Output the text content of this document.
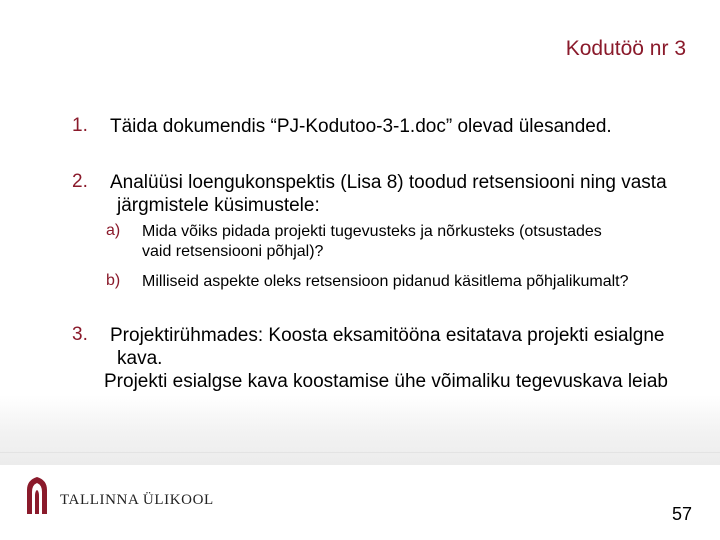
Kodutöö nr 3
1. Täida dokumendis “PJ-Kodutoo-3-1.doc” olevad ülesanded.
2. Analüüsi loengukonspektis (Lisa 8) toodud retsensiooni ning vasta
järgmistele küsimustele:
a) Mida võiks pidada projekti tugevusteks ja nõrkusteks (otsustades
vaid retsensiooni põhjal)?
b) Milliseid aspekte oleks retsensioon pidanud käsitlema põhjalikumalt?
3. Projektirühmades: Koosta eksamitööna esitatava projekti esialgne
kava.
Projekti esialgse kava koostamise ühe võimaliku tegevuskava leiab
TALLINNA ÜLIKOOL
57
